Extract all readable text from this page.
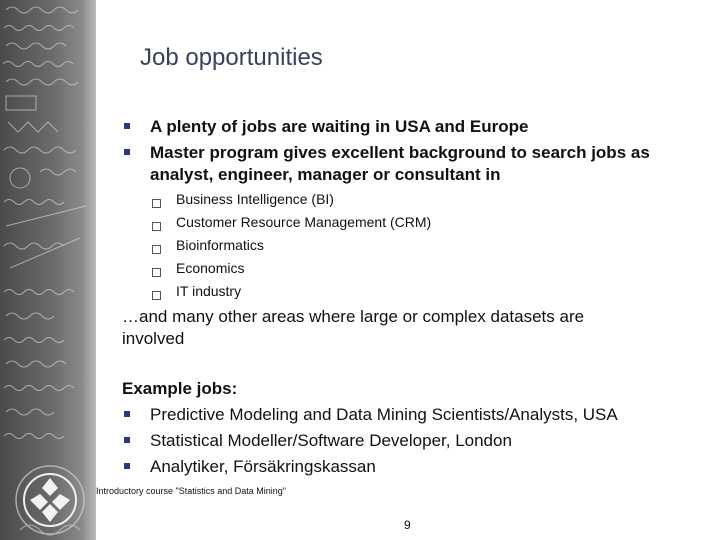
Job opportunities
A plenty of jobs are waiting in USA and Europe
Master program gives excellent background to search jobs as analyst, engineer, manager or consultant in
Business Intelligence (BI)
Customer Resource Management (CRM)
Bioinformatics
Economics
IT industry
…and many other areas where large or complex datasets are involved
Example jobs:
Predictive Modeling and Data Mining Scientists/Analysts, USA
Statistical Modeller/Software Developer, London
Analytiker, Försäkringskassan
Introductory course "Statistics and Data Mining"
9
